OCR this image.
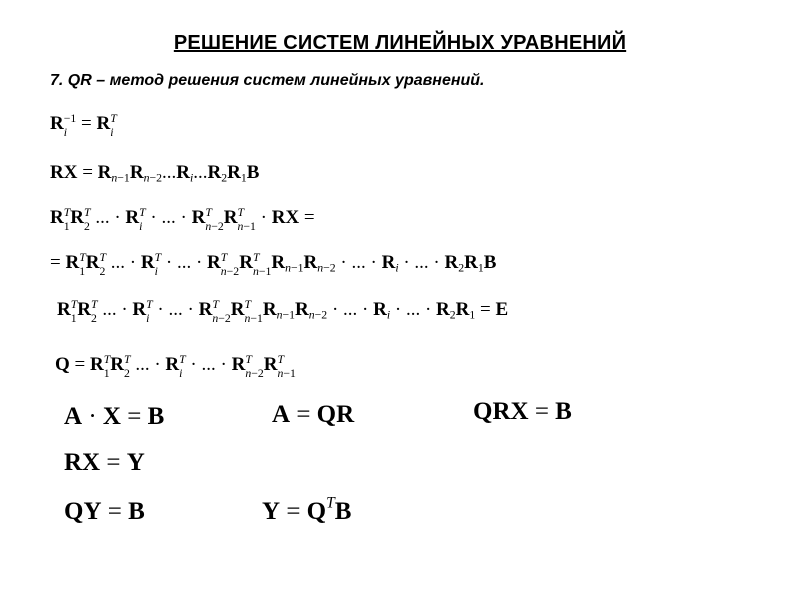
РЕШЕНИЕ СИСТЕМ ЛИНЕЙНЫХ УРАВНЕНИЙ
7. QR – метод решения систем линейных уравнений.
R −1
i = R T
i
RX = $R_{n-1}R_{n-2}...R_i...R_2R_1B$
R T
1 R T
2 ... · R T
i · ... · R T
n−2 R T
n−1 · RX =
= R T
1 R T
2 ... · R T
i · ... · R T
n−2 R T
n−1 $R_{n-1}R_{n-2}$ · ... · $R_i$ · ... · $R_2R_1B$
R T
1 R T
2 ... · R T
i · ... · R T
n−2 R T
n−1 $R_{n-1}R_{n-2}$ · ... · $R_i$ · ... · $R_2R_1 = E$
Q = R T
1 R T
2 ... · R T
i · ... · R T
n−2 R T
n−1
A · X = B	A = QR	QRX = B
RX = Y
QY = B	$Y = Q^TB$
